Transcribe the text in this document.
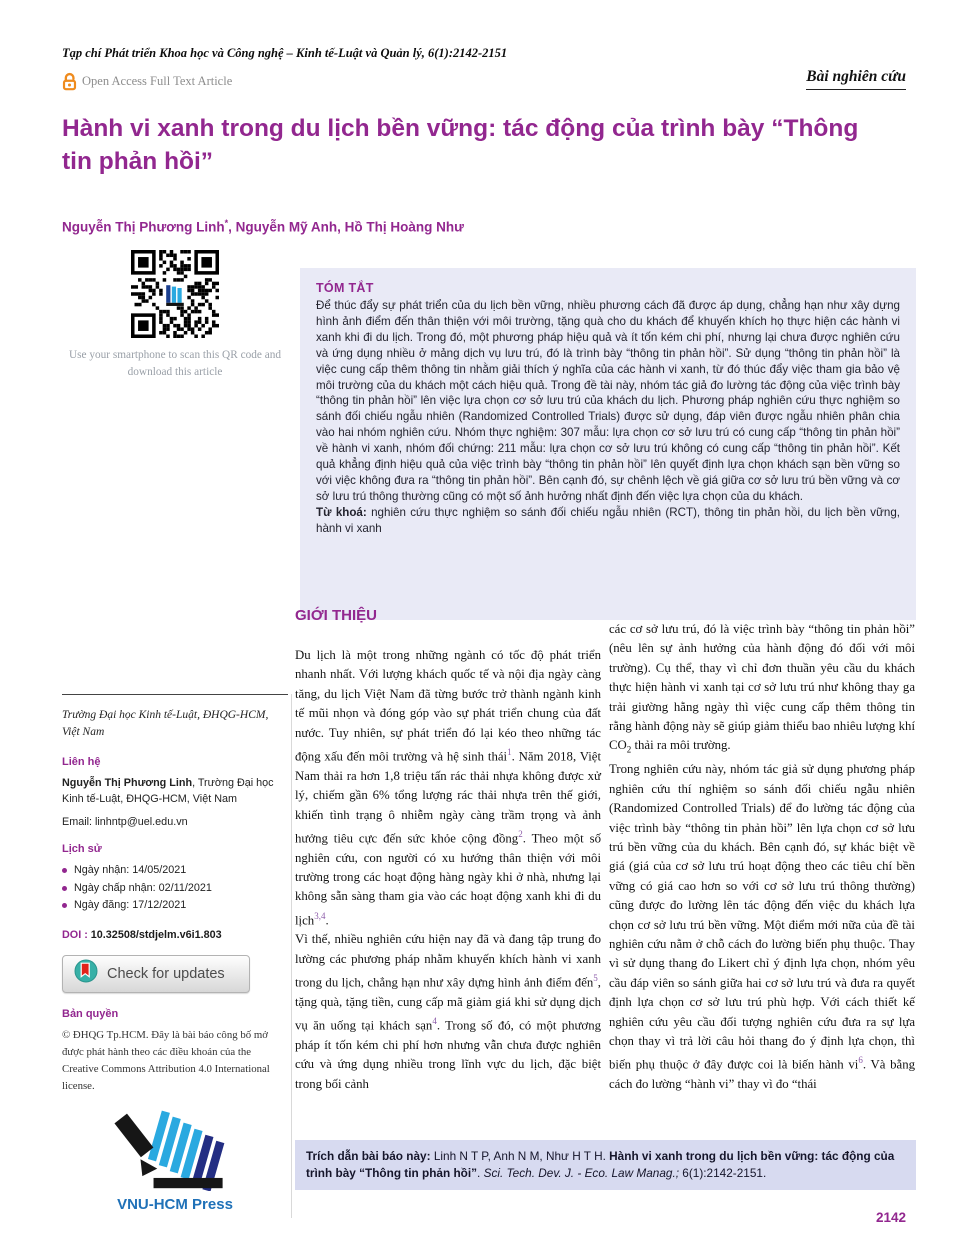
Tạp chí Phát triển Khoa học và Công nghệ – Kinh tế-Luật và Quản lý, 6(1):2142-2151
Open Access Full Text Article	Bài nghiên cứu
Hành vi xanh trong du lịch bền vững: tác động của trình bày “Thông tin phản hồi”
Nguyễn Thị Phương Linh*, Nguyễn Mỹ Anh, Hồ Thị Hoàng Như
Use your smartphone to scan this QR code and download this article
TÓM TẮT
Để thúc đẩy sự phát triển của du lịch bền vững, nhiều phương cách đã được áp dụng, chẳng hạn như xây dựng hình ảnh điểm đến thân thiện với môi trường, tặng quà cho du khách để khuyến khích họ thực hiện các hành vi xanh khi đi du lịch. Trong đó, một phương pháp hiệu quả và ít tốn kém chi phí, nhưng lại chưa được nghiên cứu và ứng dụng nhiều ở mảng dịch vụ lưu trú, đó là trình bày “thông tin phản hồi”. Sử dụng “thông tin phản hồi” là việc cung cấp thêm thông tin nhằm giải thích ý nghĩa của các hành vi xanh, từ đó thúc đẩy việc tham gia bảo vệ môi trường của du khách một cách hiệu quả. Trong đề tài này, nhóm tác giả đo lường tác động của việc trình bày “thông tin phản hồi” lên việc lựa chọn cơ sở lưu trú của khách du lịch. Phương pháp nghiên cứu thực nghiệm so sánh đối chiếu ngẫu nhiên (Randomized Controlled Trials) được sử dụng, đáp viên được ngẫu nhiên phân chia vào hai nhóm nghiên cứu. Nhóm thực nghiệm: 307 mẫu: lựa chọn cơ sở lưu trú có cung cấp “thông tin phản hồi” về hành vi xanh, nhóm đối chứng: 211 mẫu: lựa chọn cơ sở lưu trú không có cung cấp “thông tin phản hồi”. Kết quả khẳng định hiệu quả của việc trình bày “thông tin phản hồi” lên quyết định lựa chọn khách sạn bền vững so với việc không đưa ra “thông tin phản hồi”. Bên cạnh đó, sự chênh lệch về giá giữa cơ sở lưu trú bền vững và cơ sở lưu trú thông thường cũng có một số ảnh hưởng nhất định đến việc lựa chọn của du khách.
Từ khoá: nghiên cứu thực nghiệm so sánh đối chiếu ngẫu nhiên (RCT), thông tin phản hồi, du lịch bền vững, hành vi xanh
Trường Đại học Kinh tế-Luật, ĐHQG-HCM, Việt Nam
Liên hệ
Nguyễn Thị Phương Linh, Trường Đại học Kinh tế-Luật, ĐHQG-HCM, Việt Nam
Email: linhntp@uel.edu.vn
Lịch sử
Ngày nhận: 14/05/2021
Ngày chấp nhận: 02/11/2021
Ngày đăng: 17/12/2021
DOI : 10.32508/stdjelm.v6i1.803
Check for updates
Bản quyền
© ĐHQG Tp.HCM. Đây là bài báo công bố mở được phát hành theo các điều khoản của the Creative Commons Attribution 4.0 International license.
VNU-HCM Press
GIỚI THIỆU

Du lịch là một trong những ngành có tốc độ phát triển nhanh nhất. Với lượng khách quốc tế và nội địa ngày càng tăng, du lịch Việt Nam đã từng bước trở thành ngành kinh tế mũi nhọn và đóng góp vào sự phát triển chung của đất nước. Tuy nhiên, sự phát triển đó lại kéo theo những tác động xấu đến môi trường và hệ sinh thái$^1$. Năm 2018, Việt Nam thải ra hơn 1,8 triệu tấn rác thải nhựa không được xử lý, chiếm gần 6% tổng lượng rác thải nhựa trên thế giới, khiến tình trạng ô nhiễm ngày càng trầm trọng và ảnh hưởng tiêu cực đến sức khỏe cộng đồng$^2$. Theo một số nghiên cứu, con người có xu hướng thân thiện với môi trường trong các hoạt động hàng ngày khi ở nhà, nhưng lại không sẵn sàng tham gia vào các hoạt động xanh khi đi du lịch$^{3,4}$.

Vì thế, nhiều nghiên cứu hiện nay đã và đang tập trung đo lường các phương pháp nhằm khuyến khích hành vi xanh trong du lịch, chẳng hạn như xây dựng hình ảnh điểm đến$^5$, tặng quà, tặng tiền, cung cấp mã giảm giá khi sử dụng dịch vụ ăn uống tại khách sạn$^4$. Trong số đó, có một phương pháp ít tốn kém chi phí hơn nhưng vẫn chưa được nghiên cứu và ứng dụng nhiều trong lĩnh vực du lịch, đặc biệt trong bối cảnh

các cơ sở lưu trú, đó là việc trình bày “thông tin phản hồi” (nêu lên sự ảnh hưởng của hành động đó đối với môi trường). Cụ thể, thay vì chỉ đơn thuần yêu cầu du khách thực hiện hành vi xanh tại cơ sở lưu trú như không thay ga trải giường hằng ngày thì việc cung cấp thêm thông tin rằng hành động này sẽ giúp giảm thiểu bao nhiêu lượng khí $CO_2$ thải ra môi trường.

Trong nghiên cứu này, nhóm tác giả sử dụng phương pháp nghiên cứu thí nghiệm so sánh đối chiếu ngẫu nhiên (Randomized Controlled Trials) để đo lường tác động của việc trình bày “thông tin phản hồi” lên lựa chọn cơ sở lưu trú bền vững của du khách. Bên cạnh đó, sự khác biệt về giá (giá của cơ sở lưu trú hoạt động theo các tiêu chí bền vững có giá cao hơn so với cơ sở lưu trú thông thường) cũng được đo lường lên tác động đến việc du khách lựa chọn cơ sở lưu trú bền vững. Một điểm mới nữa của đề tài nghiên cứu nằm ở chỗ cách đo lường biến phụ thuộc. Thay vì sử dụng thang đo Likert chỉ ý định lựa chọn, nhóm yêu cầu đáp viên so sánh giữa hai cơ sở lưu trú và đưa ra quyết định lựa chọn cơ sở lưu trú phù hợp. Với cách thiết kế nghiên cứu yêu cầu đối tượng nghiên cứu đưa ra sự lựa chọn thay vì trả lời câu hỏi thang đo ý định lựa chọn, thì biến phụ thuộc ở đây được coi là biến hành $vi^6$. Và bằng cách đo lường “hành vi” thay vì đo “thái

Trích dẫn bài báo này: Linh N T P, Anh N M, Như H T H. Hành vi xanh trong du lịch bền vững: tác động của trình bày “Thông tin phản hồi”. Sci. Tech. Dev. J. - Eco. Law Manag.; 6(1):2142-2151.
2142
